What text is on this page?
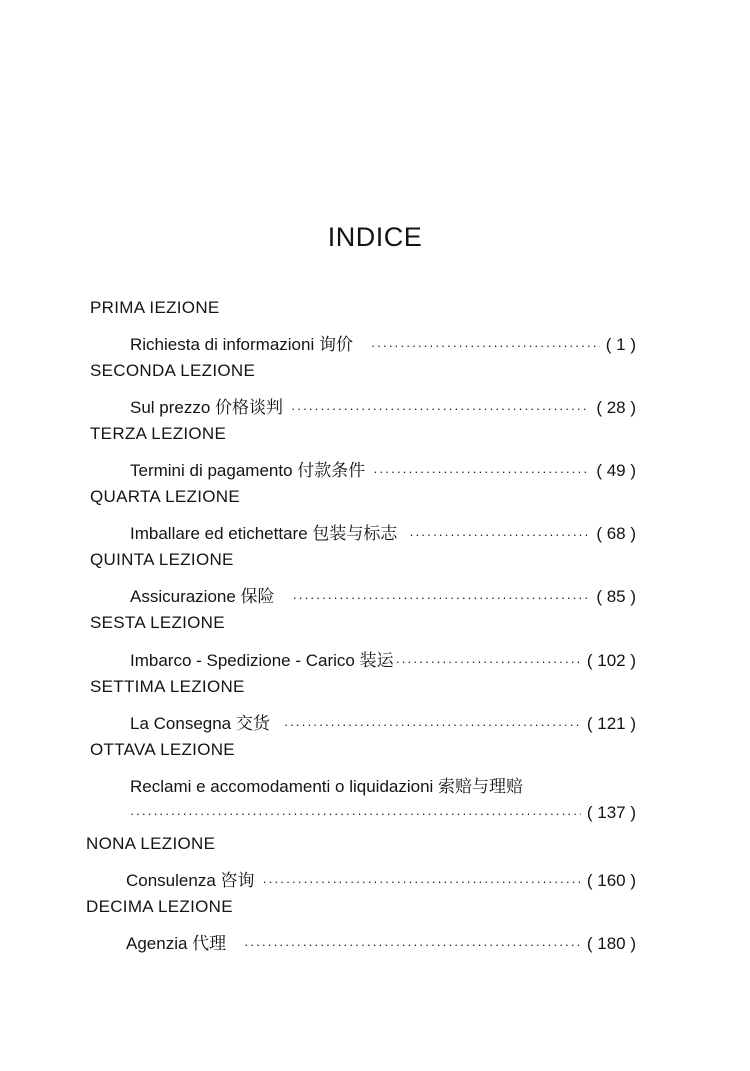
INDICE
PRIMA IEZIONE
Richiesta di informazioni 询价 ·····	( 1 )
SECONDA LEZIONE
Sul prezzo 价格谈判 ·····	( 28 )
TERZA LEZIONE
Termini di pagamento 付款条件 ·····	( 49 )
QUARTA LEZIONE
Imballare ed etichettare 包装与标志 ·····	( 68 )
QUINTA LEZIONE
Assicurazione 保险 ·····	( 85 )
SESTA LEZIONE
Imbarco - Spedizione - Carico 装运 ·····	( 102 )
SETTIMA LEZIONE
La Consegna 交货 ·····	( 121 )
OTTAVA LEZIONE
Reclami e accomodamenti o liquidazioni 索赔与理赔
·····
( 137 )
NONA LEZIONE
Consulenza 咨询 ·····	( 160 )
DECIMA LEZIONE
Agenzia 代理 ·····	( 180 )
